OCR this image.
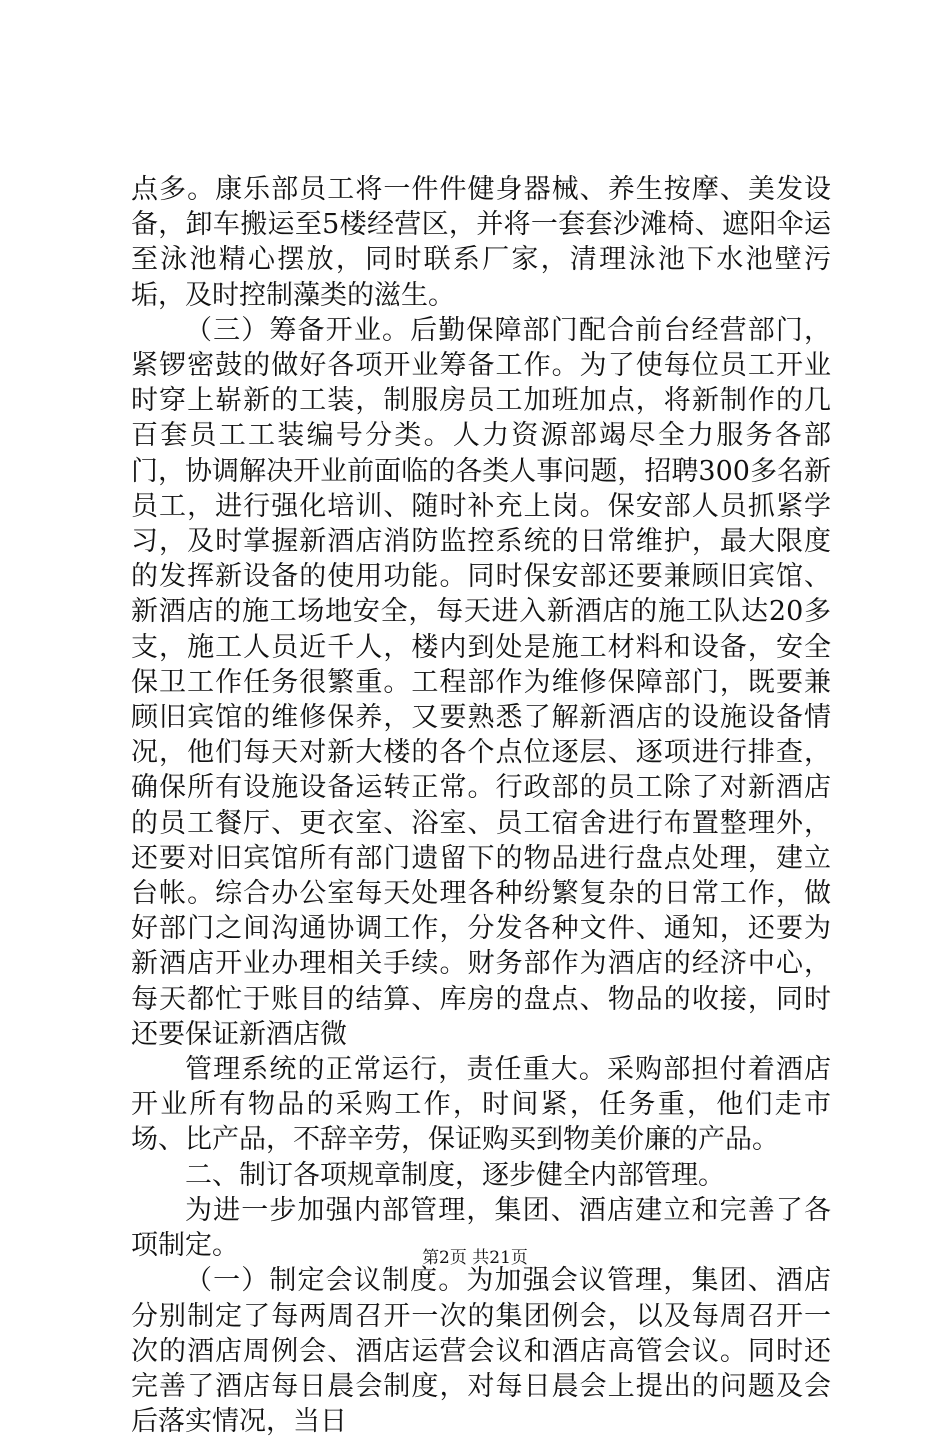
点多。康乐部员工将一件件健身器械、养生按摩、美发设备，卸车搬运至5楼经营区，并将一套套沙滩椅、遮阳伞运至泳池精心摆放，同时联系厂家，清理泳池下水池壁污垢，及时控制藻类的滋生。

（三）筹备开业。后勤保障部门配合前台经营部门，紧锣密鼓的做好各项开业筹备工作。为了使每位员工开业时穿上崭新的工装，制服房员工加班加点，将新制作的几百套员工工装编号分类。人力资源部竭尽全力服务各部门，协调解决开业前面临的各类人事问题，招聘300多名新员工，进行强化培训、随时补充上岗。保安部人员抓紧学习，及时掌握新酒店消防监控系统的日常维护，最大限度的发挥新设备的使用功能。同时保安部还要兼顾旧宾馆、新酒店的施工场地安全，每天进入新酒店的施工队达20多支，施工人员近千人，楼内到处是施工材料和设备，安全保卫工作任务很繁重。工程部作为维修保障部门，既要兼顾旧宾馆的维修保养，又要熟悉了解新酒店的设施设备情况，他们每天对新大楼的各个点位逐层、逐项进行排查，确保所有设施设备运转正常。行政部的员工除了对新酒店的员工餐厅、更衣室、浴室、员工宿舍进行布置整理外，还要对旧宾馆所有部门遗留下的物品进行盘点处理，建立台帐。综合办公室每天处理各种纷繁复杂的日常工作，做好部门之间沟通协调工作，分发各种文件、通知，还要为新酒店开业办理相关手续。财务部作为酒店的经济中心，每天都忙于账目的结算、库房的盘点、物品的收接，同时还要保证新酒店微

管理系统的正常运行，责任重大。采购部担付着酒店开业所有物品的采购工作，时间紧，任务重，他们走市场、比产品，不辞辛劳，保证购买到物美价廉的产品。

二、制订各项规章制度，逐步健全内部管理。

为进一步加强内部管理，集团、酒店建立和完善了各项制定。

（一）制定会议制度。为加强会议管理，集团、酒店分别制定了每两周召开一次的集团例会，以及每周召开一次的酒店周例会、酒店运营会议和酒店高管会议。同时还完善了酒店每日晨会制度，对每日晨会上提出的问题及会后落实情况，当日

第2页 共21页
